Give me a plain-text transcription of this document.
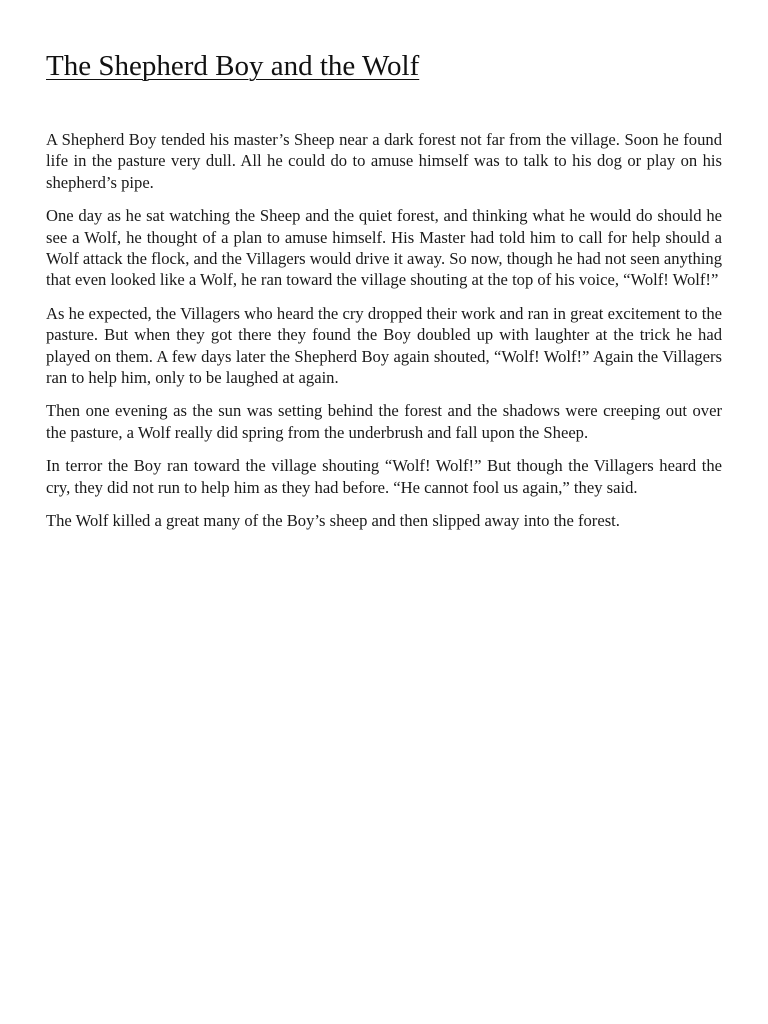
The Shepherd Boy and the Wolf

A Shepherd Boy tended his master’s Sheep near a dark forest not far from the village. Soon he found life in the pasture very dull. All he could do to amuse himself was to talk to his dog or play on his shepherd’s pipe.

One day as he sat watching the Sheep and the quiet forest, and thinking what he would do should he see a Wolf, he thought of a plan to amuse himself. His Master had told him to call for help should a Wolf attack the flock, and the Villagers would drive it away. So now, though he had not seen anything that even looked like a Wolf, he ran toward the village shouting at the top of his voice, “Wolf! Wolf!”

As he expected, the Villagers who heard the cry dropped their work and ran in great excitement to the pasture. But when they got there they found the Boy doubled up with laughter at the trick he had played on them. A few days later the Shepherd Boy again shouted, “Wolf! Wolf!” Again the Villagers ran to help him, only to be laughed at again.

Then one evening as the sun was setting behind the forest and the shadows were creeping out over the pasture, a Wolf really did spring from the underbrush and fall upon the Sheep.

In terror the Boy ran toward the village shouting “Wolf! Wolf!” But though the Villagers heard the cry, they did not run to help him as they had before. “He cannot fool us again,” they said.

The Wolf killed a great many of the Boy’s sheep and then slipped away into the forest.
